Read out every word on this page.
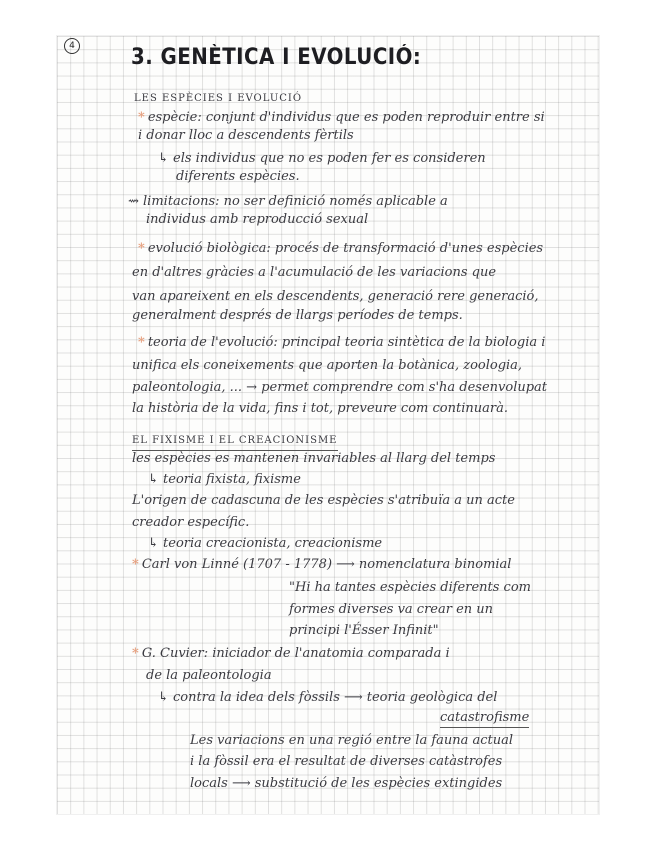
4	3. GENÈTICA I EVOLUCIÓ:
LES ESPÈCIES I EVOLUCIÓ
* espècie: conjunt d'individus que es poden reproduir entre si
i donar lloc a descendents fèrtils
↳ els individus que no es poden fer es consideren
diferents espècies.
⇝ limitacions: no ser definició només aplicable a
individus amb reproducció sexual
* evolució biològica: procés de transformació d'unes espècies
en d'altres gràcies a l'acumulació de les variacions que
van apareixent en els descendents, generació rere generació,
generalment després de llargs períodes de temps.
* teoria de l'evolució: principal teoria sintètica de la biologia i
unifica els coneixements que aporten la botànica, zoologia,
paleontologia, ... → permet comprendre com s'ha desenvolupat
la història de la vida, fins i tot, preveure com continuarà.
EL FIXISME I EL CREACIONISME
les espècies es mantenen invariables al llarg del temps
↳ teoria fixista, fixisme
L'origen de cadascuna de les espècies s'atribuïa a un acte
creador específic.
↳ teoria creacionista, creacionisme
* Carl von Linné (1707 - 1778) ⟶ nomenclatura binomial
"Hi ha tantes espècies diferents com
formes diverses va crear en un
principi l'Ésser Infinit"
* G. Cuvier: iniciador de l'anatomia comparada i
de la paleontologia
↳ contra la idea dels fòssils ⟶ teoria geològica del
catastrofisme
Les variacions en una regió entre la fauna actual
i la fòssil era el resultat de diverses catàstrofes
locals ⟶ substitució de les espècies extingides
